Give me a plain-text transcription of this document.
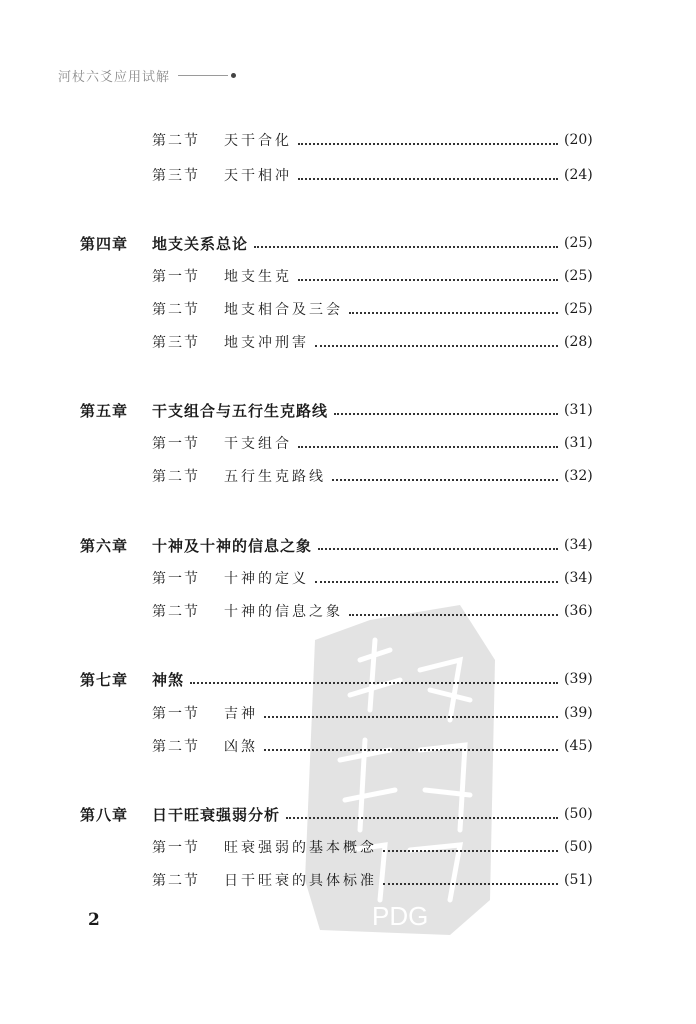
河杖六爻应用试解
PDG
第二节 天干合化	(20)
第三节 天干相冲	(24)
第四章 地支关系总论	(25)
第一节 地支生克	(25)
第二节 地支相合及三会	(25)
第三节 地支冲刑害	(28)
第五章 干支组合与五行生克路线	(31)
第一节 干支组合	(31)
第二节 五行生克路线	(32)
第六章 十神及十神的信息之象	(34)
第一节 十神的定义	(34)
第二节 十神的信息之象	(36)
第七章 神煞	(39)
第一节 吉神	(39)
第二节 凶煞	(45)
第八章 日干旺衰强弱分析	(50)
第一节 旺衰强弱的基本概念	(50)
第二节 日干旺衰的具体标准	(51)
2
